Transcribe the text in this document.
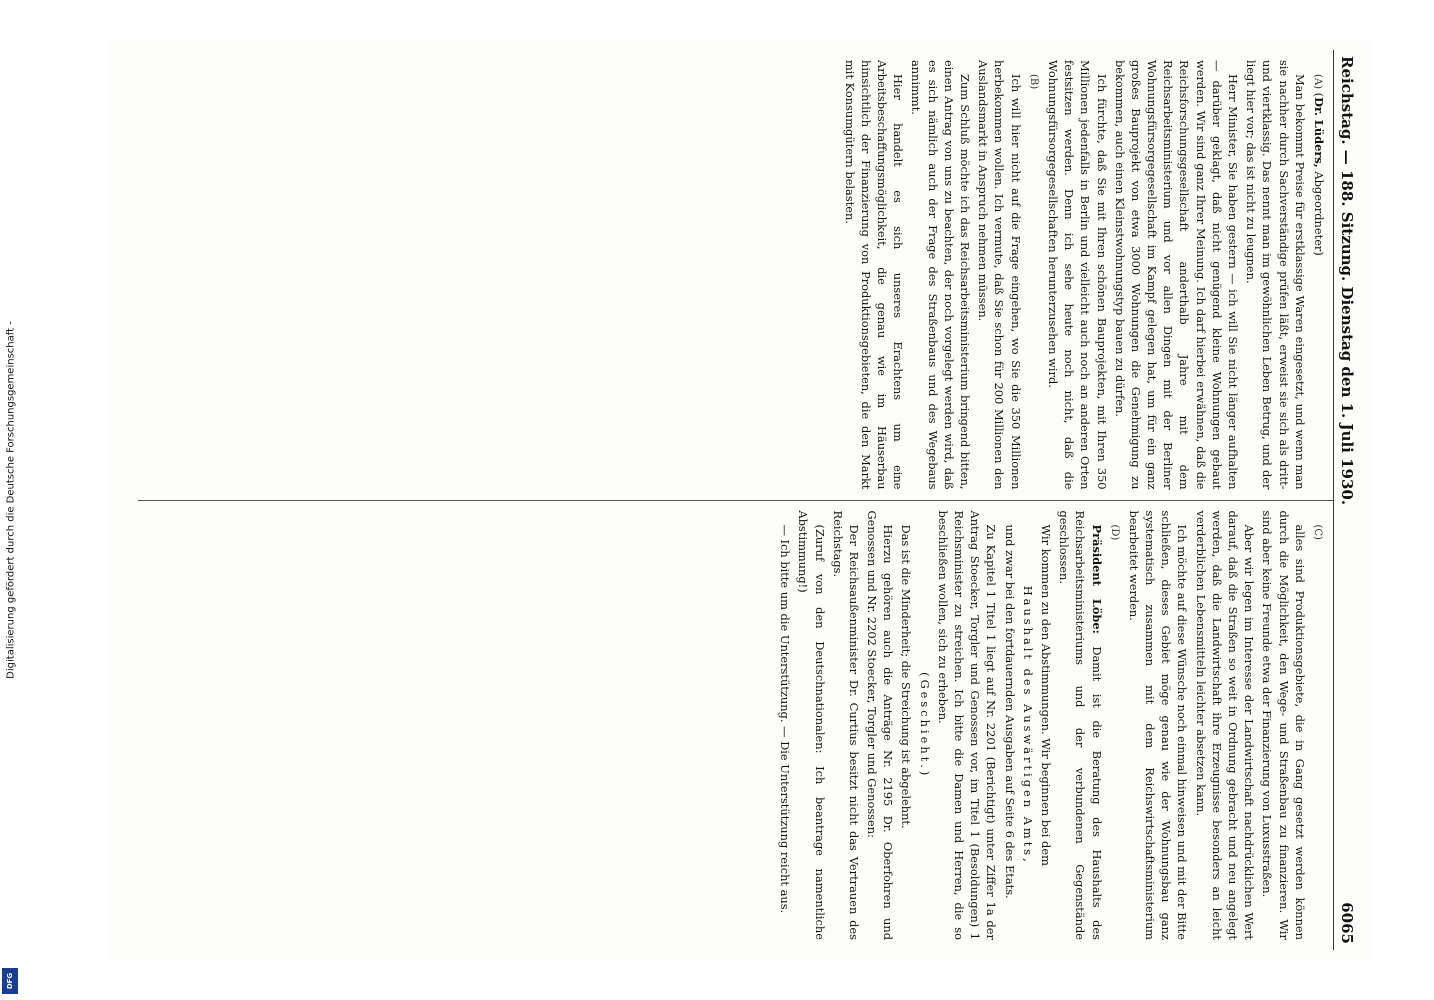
Digitalisierung gefördert durch die Deutsche Forschungsgemeinschaft -
DFG
Reichstag. — 188. Sitzung. Dienstag den 1. Juli 1930.
6065

(A) (Dr. Lüders, Abgeordneter)

Man bekommt Preise für erstklassige Waren eingesetzt, und wenn man sie nachher durch Sachverständige prüfen läßt, erweist sie sich als dritt- und viertklassig. Das nennt man im gewöhnlichen Leben Betrug, und der liegt hier vor; das ist nicht zu leugnen.

Herr Minister, Sie haben gestern — ich will Sie nicht länger aufhalten — darüber geklagt, daß nicht genügend kleine Wohnungen gebaut werden. Wir sind ganz Ihrer Meinung. Ich darf hierbei erwähnen, daß die Reichsforschungsgesellschaft anderthalb Jahre mit dem Reichsarbeitsministerium und vor allen Dingen mit der Berliner Wohnungsfürsorgegesellschaft im Kampf gelegen hat, um für ein ganz großes Bauprojekt von etwa 3000 Wohnungen die Genehmigung zu bekommen, auch einen Kleinstwohnungstyp bauen zu dürfen.

Ich fürchte, daß Sie mit Ihren schönen Bauprojekten, mit Ihren 350 Millionen jedenfalls in Berlin und vielleicht auch noch an anderen Orten festsitzen werden. Denn ich sehe heute noch nicht, daß die Wohnungsfürsorgegesellschaften herunterzusehen wird.

(B)

Ich will hier nicht auf die Frage eingehen, wo Sie die 350 Millionen herbekommen wollen. Ich vermute, daß Sie schon für 200 Millionen den Auslandsmarkt in Anspruch nehmen müssen.

Zum Schluß möchte ich das Reichsarbeitsministerium bringend bitten, einen Antrag von uns zu beachten, der noch vorgelegt werden wird, daß es sich nämlich auch der Frage des Straßenbaus und des Wegebaus annimmt.

Hier handelt es sich unseres Erachtens um eine Arbeitsbeschaffungsmöglichkeit, die genau wie im Häuserbau hinsichtlich der Finanzierung von Produktionsgebieten, die den Markt mit Konsumgütern belasten.

(C)

alles sind Produktionsgebiete, die in Gang gesetzt werden können durch die Möglichkeit, den Wege- und Straßenbau zu finanzieren. Wir sind aber keine Freunde etwa der Finanzierung von Luxusstraßen.

Aber wir legen im Interesse der Landwirtschaft nachdrücklichen Wert darauf, daß die Straßen so weit in Ordnung gebracht und neu angelegt werden, daß die Landwirtschaft ihre Erzeugnisse besonders an leicht verderblichen Lebensmitteln leichter absetzen kann.

Ich möchte auf diese Wünsche noch einmal hinweisen und mit der Bitte schließen, dieses Gebiet möge genau wie der Wohnungsbau ganz systematisch zusammen mit dem Reichswirtschaftsministerium bearbeitet werden.

(D)

Präsident Löbe: Damit ist die Beratung des Haushalts des Reichsarbeitsministeriums und der verbundenen Gegenstände geschlossen.

Wir kommen zu den Abstimmungen. Wir beginnen bei dem

Haushalt des Auswärtigen Amts,

und zwar bei den fortdauernden Ausgaben auf Seite 6 des Etats.

Zu Kapitel 1 Titel 1 liegt auf Nr. 2201 (Berichtigt) unter Ziffer 1a der Antrag Stoecker, Torgler und Genossen vor, im Titel 1 (Besoldungen) 1 Reichsminister zu streichen. Ich bitte die Damen und Herren, die so beschließen wollen, sich zu erheben.

(Geschieht.)

Das ist die Minderheit; die Streichung ist abgelehnt.

Hierzu gehören auch die Anträge Nr. 2195 Dr. Oberfohren und Genossen und Nr. 2202 Stoecker, Torgler und Genossen:

Der Reichsaußenminister Dr. Curtius besitzt nicht das Vertrauen des Reichstags.

(Zuruf von den Deutschnationalen: Ich beantrage namentliche Abstimmung!)

— Ich bitte um die Unterstützung. — Die Unterstützung reicht aus.
